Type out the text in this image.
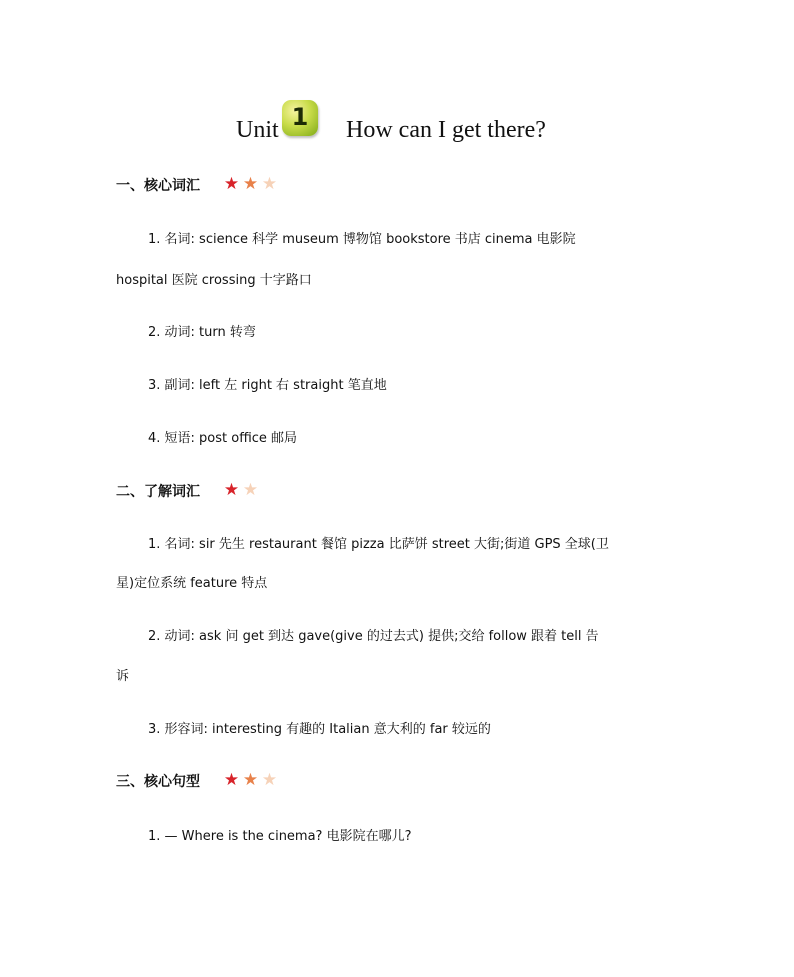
Unit 1	How can I get there?
一、核心词汇 ★ ★ ★
1. 名词: science 科学 museum 博物馆 bookstore 书店 cinema 电影院
hospital 医院 crossing 十字路口
2. 动词: turn 转弯
3. 副词: left 左 right 右 straight 笔直地
4. 短语: post office 邮局
二、了解词汇 ★ ★
1. 名词: sir 先生 restaurant 餐馆 pizza 比萨饼 street 大街;街道 GPS 全球(卫
星)定位系统 feature 特点
2. 动词: ask 问 get 到达 gave(give 的过去式) 提供;交给 follow 跟着 tell 告
诉
3. 形容词: interesting 有趣的 Italian 意大利的 far 较远的
三、核心句型 ★ ★ ★
1. — Where is the cinema? 电影院在哪儿?
